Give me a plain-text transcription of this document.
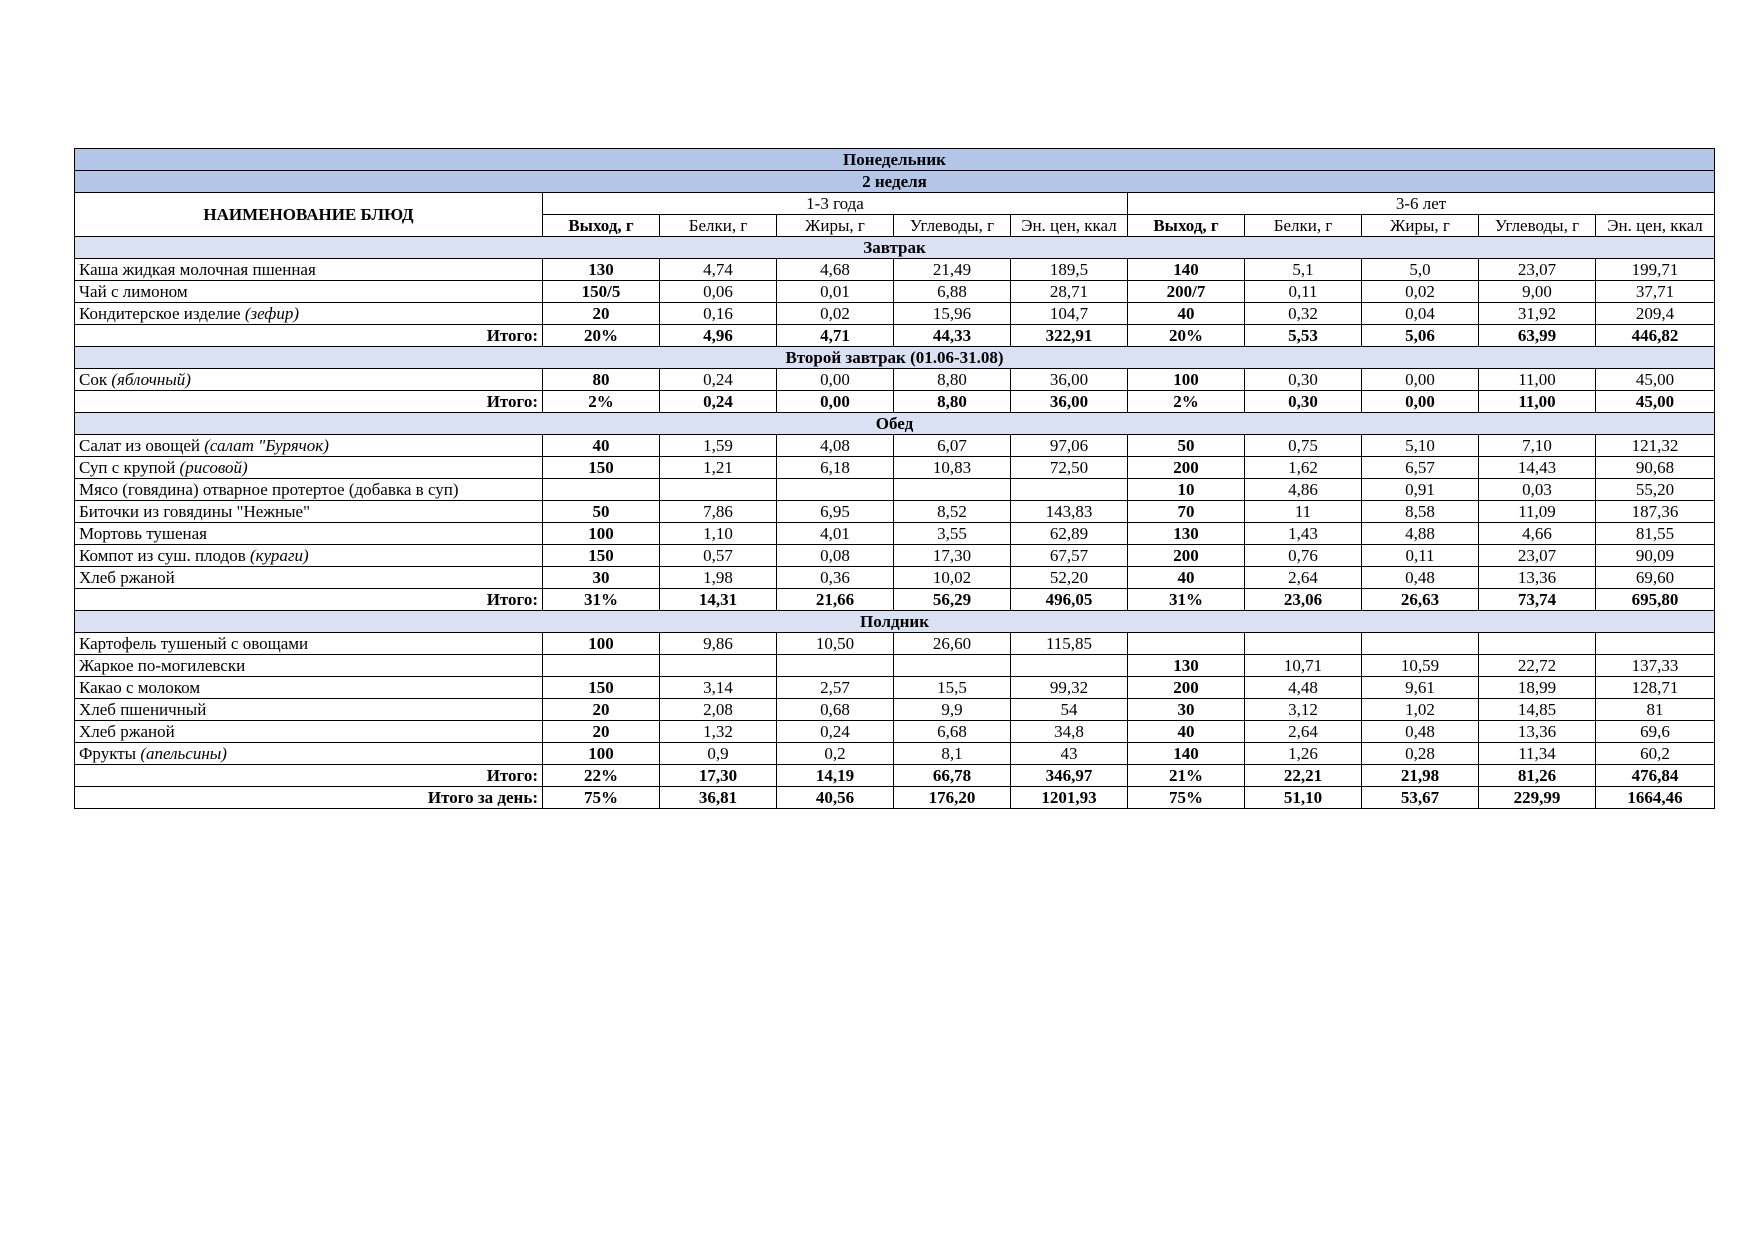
Понедельник										
2 неделя										
НАИМЕНОВАНИЕ БЛЮД	1-3 года					3-6 лет				
	Выход, г	Белки, г	Жиры, г	Углеводы, г	Эн. цен, ккал	Выход, г	Белки, г	Жиры, г	Углеводы, г	Эн. цен, ккал
Завтрак										
Каша жидкая молочная пшенная	130	4,74	4,68	21,49	189,5	140	5,1	5,0	23,07	199,71
Чай с лимоном	150/5	0,06	0,01	6,88	28,71	200/7	0,11	0,02	9,00	37,71
Кондитерское изделие (зефир)	20	0,16	0,02	15,96	104,7	40	0,32	0,04	31,92	209,4
Итого:	20%	4,96	4,71	44,33	322,91	20%	5,53	5,06	63,99	446,82
Второй завтрак (01.06-31.08)										
Сок (яблочный)	80	0,24	0,00	8,80	36,00	100	0,30	0,00	11,00	45,00
Итого:	2%	0,24	0,00	8,80	36,00	2%	0,30	0,00	11,00	45,00
Обед										
Салат из овощей (салат "Бурячок)	40	1,59	4,08	6,07	97,06	50	0,75	5,10	7,10	121,32
Суп с крупой (рисовой)	150	1,21	6,18	10,83	72,50	200	1,62	6,57	14,43	90,68
Мясо (говядина) отварное протертое (добавка в суп)						10	4,86	0,91	0,03	55,20
Биточки из говядины "Нежные"	50	7,86	6,95	8,52	143,83	70	11	8,58	11,09	187,36
Мортовь тушеная	100	1,10	4,01	3,55	62,89	130	1,43	4,88	4,66	81,55
Компот из суш. плодов (кураги)	150	0,57	0,08	17,30	67,57	200	0,76	0,11	23,07	90,09
Хлеб ржаной	30	1,98	0,36	10,02	52,20	40	2,64	0,48	13,36	69,60
Итого:	31%	14,31	21,66	56,29	496,05	31%	23,06	26,63	73,74	695,80
Полдник										
Картофель тушеный с овощами	100	9,86	10,50	26,60	115,85					
Жаркое по-могилевски						130	10,71	10,59	22,72	137,33
Какао с молоком	150	3,14	2,57	15,5	99,32	200	4,48	9,61	18,99	128,71
Хлеб пшеничный	20	2,08	0,68	9,9	54	30	3,12	1,02	14,85	81
Хлеб ржаной	20	1,32	0,24	6,68	34,8	40	2,64	0,48	13,36	69,6
Фрукты (апельсины)	100	0,9	0,2	8,1	43	140	1,26	0,28	11,34	60,2
Итого:	22%	17,30	14,19	66,78	346,97	21%	22,21	21,98	81,26	476,84
Итого за день:	75%	36,81	40,56	176,20	1201,93	75%	51,10	53,67	229,99	1664,46
